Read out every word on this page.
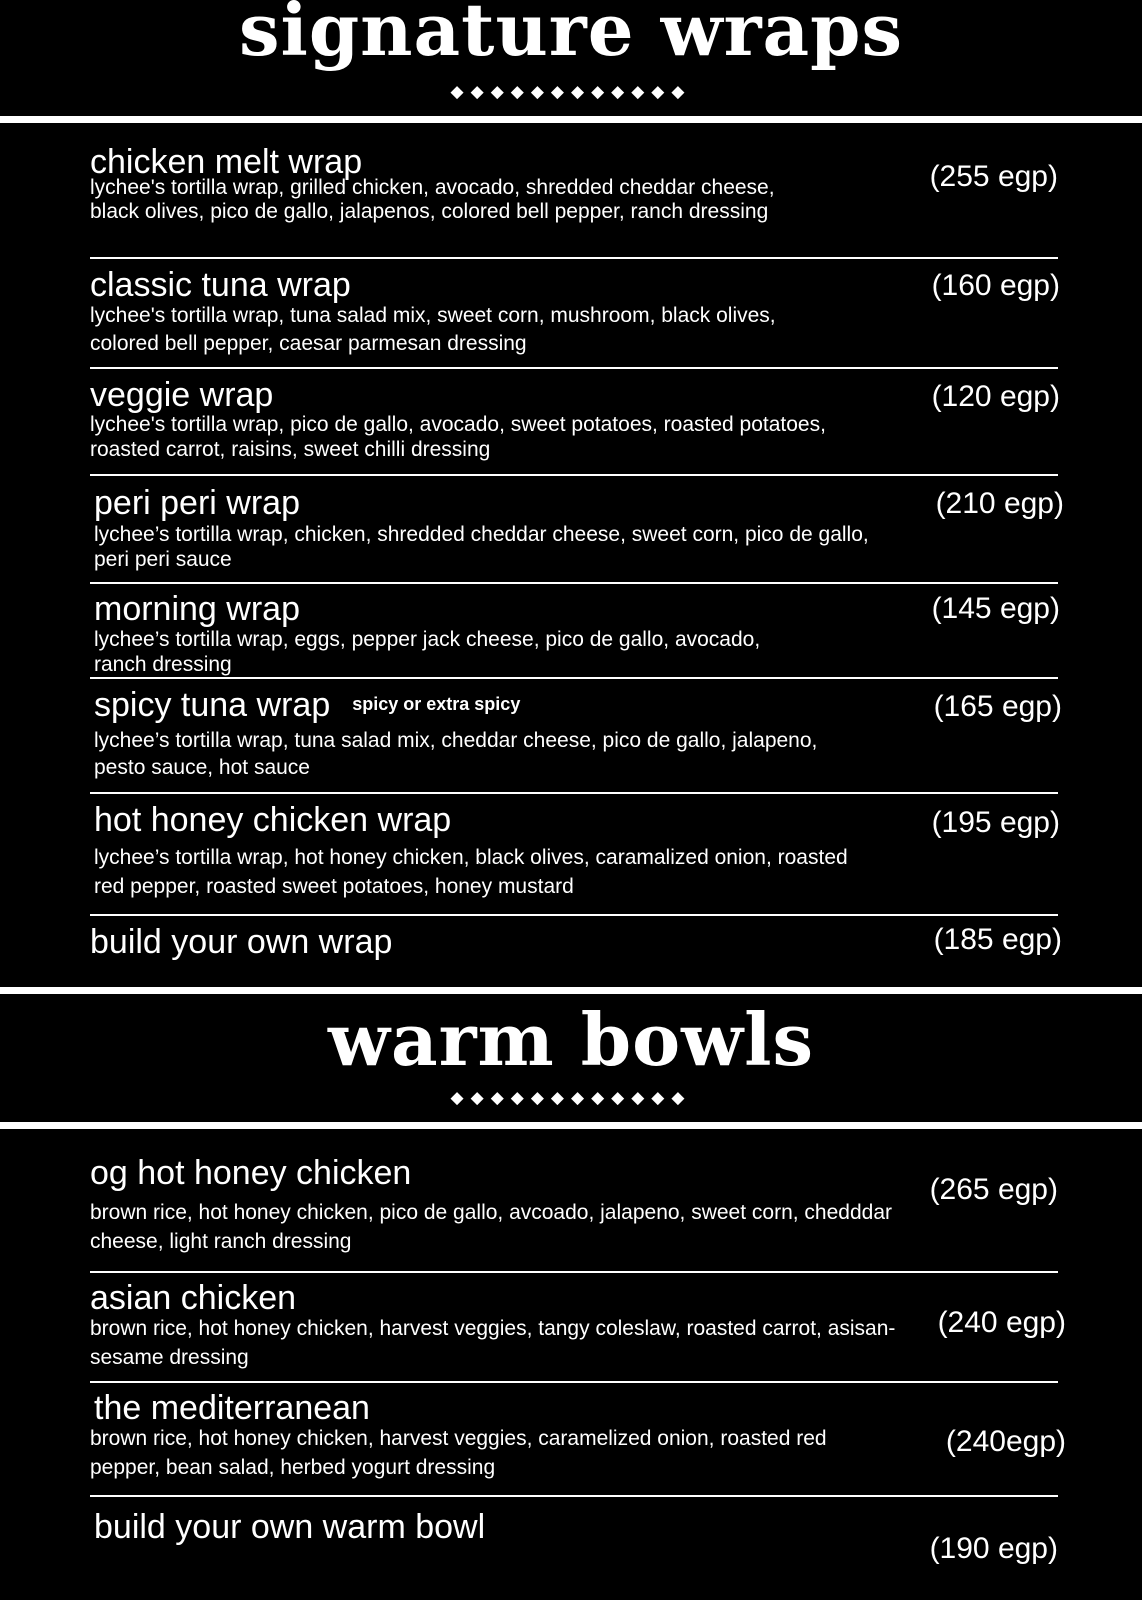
signature wraps
◆◆◆◆◆◆◆◆◆◆◆◆
chicken melt wrap
lychee's tortilla wrap, grilled chicken, avocado, shredded cheddar cheese, black olives, pico de gallo, jalapenos, colored bell pepper, ranch dressing
(255 egp)
classic tuna wrap
lychee's tortilla wrap, tuna salad mix, sweet corn, mushroom, black olives, colored bell pepper, caesar parmesan dressing
(160 egp)
veggie wrap
lychee's tortilla wrap, pico de gallo, avocado, sweet potatoes, roasted potatoes, roasted carrot, raisins, sweet chilli dressing
(120 egp)
peri peri wrap
lychee’s tortilla wrap, chicken, shredded cheddar cheese, sweet corn, pico de gallo, peri peri sauce
(210 egp)
morning wrap
lychee’s tortilla wrap, eggs, pepper jack cheese, pico de gallo, avocado, ranch dressing
(145 egp)
spicy tuna wrap spicy or extra spicy
lychee’s tortilla wrap, tuna salad mix, cheddar cheese, pico de gallo, jalapeno, pesto sauce, hot sauce
(165 egp)
hot honey chicken wrap
lychee’s tortilla wrap, hot honey chicken, black olives, caramalized onion, roasted red pepper, roasted sweet potatoes, honey mustard
(195 egp)
build your own wrap	(185 egp)
warm bowls
◆◆◆◆◆◆◆◆◆◆◆◆
og hot honey chicken
brown rice, hot honey chicken, pico de gallo, avcoado, jalapeno, sweet corn, chedddar cheese, light ranch dressing
(265 egp)
asian chicken
brown rice, hot honey chicken, harvest veggies, tangy coleslaw, roasted carrot, asisan-sesame dressing
(240 egp)
the mediterranean
brown rice, hot honey chicken, harvest veggies, caramelized onion, roasted red pepper, bean salad, herbed yogurt dressing
(240egp)
build your own warm bowl
(190 egp)
